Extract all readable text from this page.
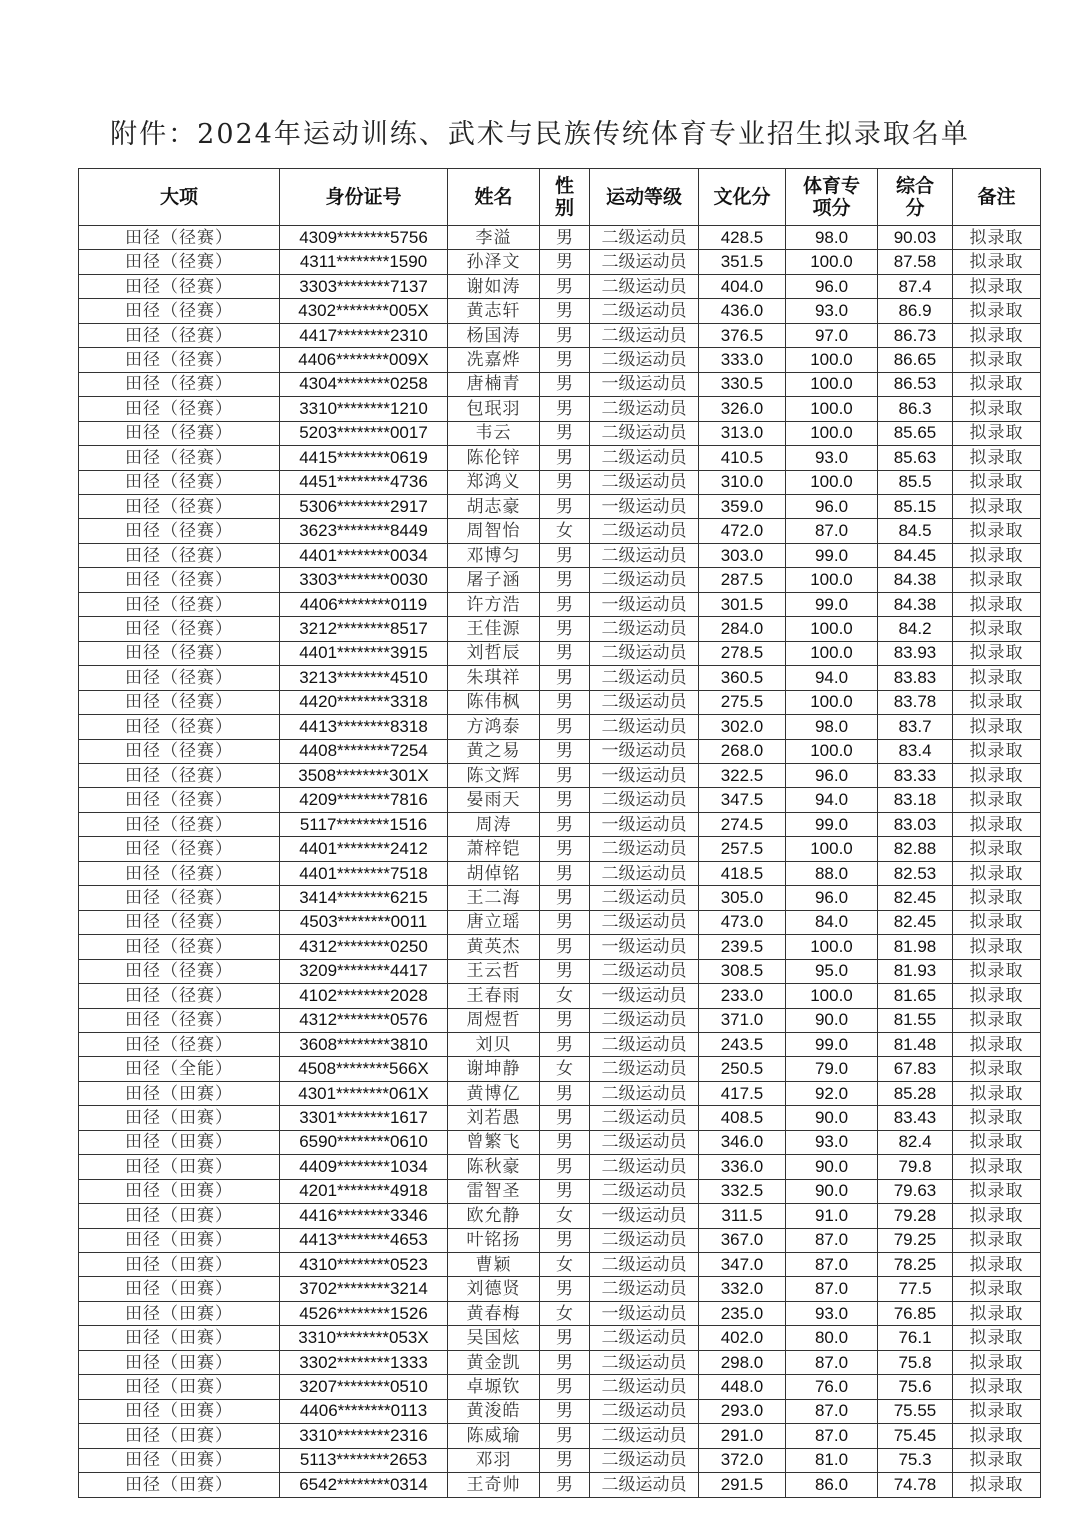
附件：2024年运动训练、武术与民族传统体育专业招生拟录取名单
大项	身份证号	姓名	性别	运动等级	文化分	体育专项分	综合分	备注
田径（径赛）	4309********5756	李溢	男	二级运动员	428.5	98.0	90.03	拟录取
田径（径赛）	4311********1590	孙泽文	男	二级运动员	351.5	100.0	87.58	拟录取
田径（径赛）	3303********7137	谢如涛	男	二级运动员	404.0	96.0	87.4	拟录取
田径（径赛）	4302********005X	黄志轩	男	二级运动员	436.0	93.0	86.9	拟录取
田径（径赛）	4417********2310	杨国涛	男	二级运动员	376.5	97.0	86.73	拟录取
田径（径赛）	4406********009X	冼嘉烨	男	二级运动员	333.0	100.0	86.65	拟录取
田径（径赛）	4304********0258	唐楠青	男	一级运动员	330.5	100.0	86.53	拟录取
田径（径赛）	3310********1210	包珉羽	男	二级运动员	326.0	100.0	86.3	拟录取
田径（径赛）	5203********0017	韦云	男	二级运动员	313.0	100.0	85.65	拟录取
田径（径赛）	4415********0619	陈伦锌	男	二级运动员	410.5	93.0	85.63	拟录取
田径（径赛）	4451********4736	郑鸿义	男	二级运动员	310.0	100.0	85.5	拟录取
田径（径赛）	5306********2917	胡志豪	男	一级运动员	359.0	96.0	85.15	拟录取
田径（径赛）	3623********8449	周智怡	女	二级运动员	472.0	87.0	84.5	拟录取
田径（径赛）	4401********0034	邓博匀	男	二级运动员	303.0	99.0	84.45	拟录取
田径（径赛）	3303********0030	屠子涵	男	二级运动员	287.5	100.0	84.38	拟录取
田径（径赛）	4406********0119	许方浩	男	一级运动员	301.5	99.0	84.38	拟录取
田径（径赛）	3212********8517	王佳源	男	二级运动员	284.0	100.0	84.2	拟录取
田径（径赛）	4401********3915	刘哲辰	男	二级运动员	278.5	100.0	83.93	拟录取
田径（径赛）	3213********4510	朱琪祥	男	二级运动员	360.5	94.0	83.83	拟录取
田径（径赛）	4420********3318	陈伟枫	男	二级运动员	275.5	100.0	83.78	拟录取
田径（径赛）	4413********8318	方鸿泰	男	二级运动员	302.0	98.0	83.7	拟录取
田径（径赛）	4408********7254	黄之易	男	一级运动员	268.0	100.0	83.4	拟录取
田径（径赛）	3508********301X	陈文辉	男	一级运动员	322.5	96.0	83.33	拟录取
田径（径赛）	4209********7816	晏雨天	男	二级运动员	347.5	94.0	83.18	拟录取
田径（径赛）	5117********1516	周涛	男	一级运动员	274.5	99.0	83.03	拟录取
田径（径赛）	4401********2412	萧梓铠	男	二级运动员	257.5	100.0	82.88	拟录取
田径（径赛）	4401********7518	胡倬铭	男	二级运动员	418.5	88.0	82.53	拟录取
田径（径赛）	3414********6215	王二海	男	二级运动员	305.0	96.0	82.45	拟录取
田径（径赛）	4503********0011	唐立瑶	男	二级运动员	473.0	84.0	82.45	拟录取
田径（径赛）	4312********0250	黄英杰	男	一级运动员	239.5	100.0	81.98	拟录取
田径（径赛）	3209********4417	王云哲	男	二级运动员	308.5	95.0	81.93	拟录取
田径（径赛）	4102********2028	王春雨	女	一级运动员	233.0	100.0	81.65	拟录取
田径（径赛）	4312********0576	周煜哲	男	二级运动员	371.0	90.0	81.55	拟录取
田径（径赛）	3608********3810	刘贝	男	二级运动员	243.5	99.0	81.48	拟录取
田径（全能）	4508********566X	谢坤静	女	二级运动员	250.5	79.0	67.83	拟录取
田径（田赛）	4301********061X	黄博亿	男	二级运动员	417.5	92.0	85.28	拟录取
田径（田赛）	3301********1617	刘若愚	男	二级运动员	408.5	90.0	83.43	拟录取
田径（田赛）	6590********0610	曾繁飞	男	二级运动员	346.0	93.0	82.4	拟录取
田径（田赛）	4409********1034	陈秋豪	男	二级运动员	336.0	90.0	79.8	拟录取
田径（田赛）	4201********4918	雷智圣	男	二级运动员	332.5	90.0	79.63	拟录取
田径（田赛）	4416********3346	欧允静	女	一级运动员	311.5	91.0	79.28	拟录取
田径（田赛）	4413********4653	叶铭扬	男	二级运动员	367.0	87.0	79.25	拟录取
田径（田赛）	4310********0523	曹颖	女	二级运动员	347.0	87.0	78.25	拟录取
田径（田赛）	3702********3214	刘德贤	男	二级运动员	332.0	87.0	77.5	拟录取
田径（田赛）	4526********1526	黄春梅	女	一级运动员	235.0	93.0	76.85	拟录取
田径（田赛）	3310********053X	吴国炫	男	二级运动员	402.0	80.0	76.1	拟录取
田径（田赛）	3302********1333	黄金凯	男	二级运动员	298.0	87.0	75.8	拟录取
田径（田赛）	3207********0510	卓塬钦	男	二级运动员	448.0	76.0	75.6	拟录取
田径（田赛）	4406********0113	黄浚皓	男	二级运动员	293.0	87.0	75.55	拟录取
田径（田赛）	3310********2316	陈威瑜	男	二级运动员	291.0	87.0	75.45	拟录取
田径（田赛）	5113********2653	邓羽	男	二级运动员	372.0	81.0	75.3	拟录取
田径（田赛）	6542********0314	王奇帅	男	二级运动员	291.5	86.0	74.78	拟录取
